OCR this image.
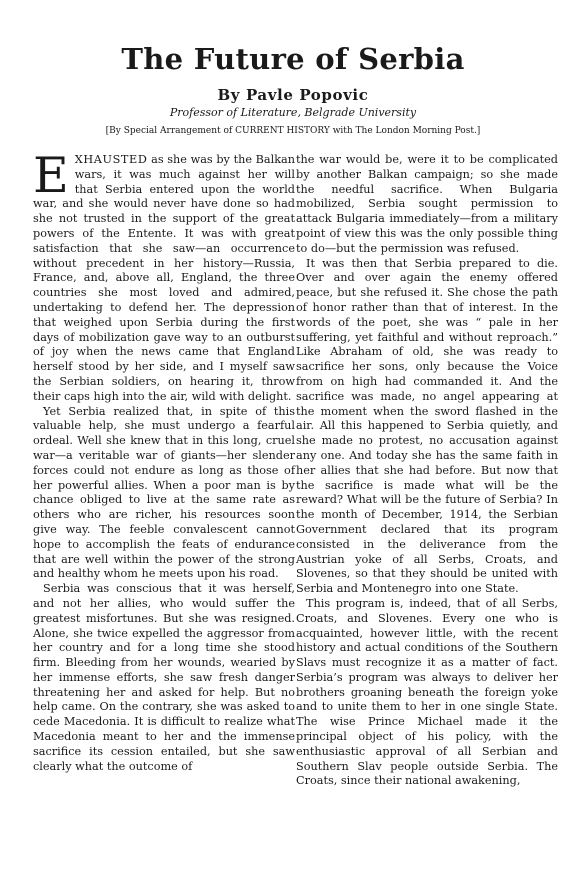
The Future of Serbia
By Pavle Popovic
Professor of Literature, Belgrade University
[By Special Arrangement of CURRENT HISTORY with The London Morning Post.]

EXHAUSTED as she was by the Balkan wars, it was much against her will that Serbia entered upon the world war, and she would never have done so had she not trusted in the support of the great powers of the Entente. It was with great satisfaction that she saw—an occurrence without precedent in her history—Russia, France, and, above all, England, the three countries she most loved and admired, undertaking to defend her. The depression that weighed upon Serbia during the first days of mobilization gave way to an outburst of joy when the news came that England herself stood by her side, and I myself saw the Serbian soldiers, on hearing it, throw their caps high into the air, wild with delight.

Yet Serbia realized that, in spite of this valuable help, she must undergo a fearful ordeal. Well she knew that in this long, cruel war—a veritable war of giants—her slender forces could not endure as long as those of her powerful allies. When a poor man is by chance obliged to live at the same rate as others who are richer, his resources soon give way. The feeble convalescent cannot hope to accomplish the feats of endurance that are well within the power of the strong and healthy whom he meets upon his road.

Serbia was conscious that it was herself, and not her allies, who would suffer the greatest misfortunes. But she was resigned. Alone, she twice expelled the aggressor from her country and for a long time she stood firm. Bleeding from her wounds, wearied by her immense efforts, she saw fresh danger threatening her and asked for help. But no help came. On the contrary, she was asked to cede Macedonia. It is difficult to realize what Macedonia meant to her and the immense sacrifice its cession entailed, but she saw clearly what the outcome of

the war would be, were it to be complicated by another Balkan campaign; so she made the needful sacrifice. When Bulgaria mobilized, Serbia sought permission to attack Bulgaria immediately—from a military point of view this was the only possible thing to do—but the permission was refused.

It was then that Serbia prepared to die. Over and over again the enemy offered peace, but she refused it. She chose the path of honor rather than that of interest. In the words of the poet, she was “ pale in her suffering, yet faithful and without reproach.” Like Abraham of old, she was ready to sacrifice her sons, only because the Voice from on high had commanded it. And the sacrifice was made, no angel appearing at the moment when the sword flashed in the air. All this happened to Serbia quietly, and she made no protest, no accusation against any one. And today she has the same faith in her allies that she had before. But now that the sacrifice is made what will be the reward? What will be the future of Serbia? In the month of December, 1914, the Serbian Government declared that its program consisted in the deliverance from the Austrian yoke of all Serbs, Croats, and Slovenes, so that they should be united with Serbia and Montenegro into one State.

This program is, indeed, that of all Serbs, Croats, and Slovenes. Every one who is acquainted, however little, with the recent history and actual conditions of the Southern Slavs must recognize it as a matter of fact. Serbia’s program was always to deliver her brothers groaning beneath the foreign yoke and to unite them to her in one single State. The wise Prince Michael made it the principal object of his policy, with the enthusiastic approval of all Serbian and Southern Slav people outside Serbia. The Croats, since their national awakening,
